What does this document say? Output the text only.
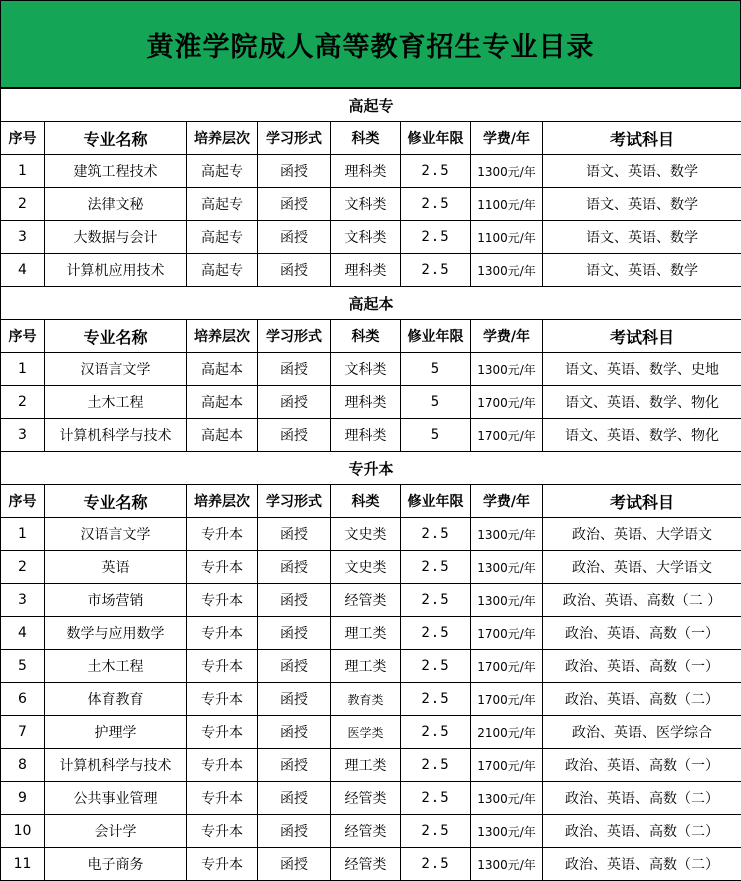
黄淮学院成人高等教育招生专业目录
高起专							
序号	专业名称	培养层次	学习形式	科类	修业年限	学费/年	考试科目
1	建筑工程技术	高起专	函授	理科类	2.5	1300元/年	语文、英语、数学
2	法律文秘	高起专	函授	文科类	2.5	1100元/年	语文、英语、数学
3	大数据与会计	高起专	函授	文科类	2.5	1100元/年	语文、英语、数学
4	计算机应用技术	高起专	函授	理科类	2.5	1300元/年	语文、英语、数学
高起本							
序号	专业名称	培养层次	学习形式	科类	修业年限	学费/年	考试科目
1	汉语言文学	高起本	函授	文科类	5	1300元/年	语文、英语、数学、史地
2	土木工程	高起本	函授	理科类	5	1700元/年	语文、英语、数学、物化
3	计算机科学与技术	高起本	函授	理科类	5	1700元/年	语文、英语、数学、物化
专升本							
序号	专业名称	培养层次	学习形式	科类	修业年限	学费/年	考试科目
1	汉语言文学	专升本	函授	文史类	2.5	1300元/年	政治、英语、大学语文
2	英语	专升本	函授	文史类	2.5	1300元/年	政治、英语、大学语文
3	市场营销	专升本	函授	经管类	2.5	1300元/年	政治、英语、高数（二 ）
4	数学与应用数学	专升本	函授	理工类	2.5	1700元/年	政治、英语、高数（一）
5	土木工程	专升本	函授	理工类	2.5	1700元/年	政治、英语、高数（一）
6	体育教育	专升本	函授	教育类	2.5	1700元/年	政治、英语、高数（二）
7	护理学	专升本	函授	医学类	2.5	2100元/年	政治、英语、医学综合
8	计算机科学与技术	专升本	函授	理工类	2.5	1700元/年	政治、英语、高数（一）
9	公共事业管理	专升本	函授	经管类	2.5	1300元/年	政治、英语、高数（二）
10	会计学	专升本	函授	经管类	2.5	1300元/年	政治、英语、高数（二）
11	电子商务	专升本	函授	经管类	2.5	1300元/年	政治、英语、高数（二）
